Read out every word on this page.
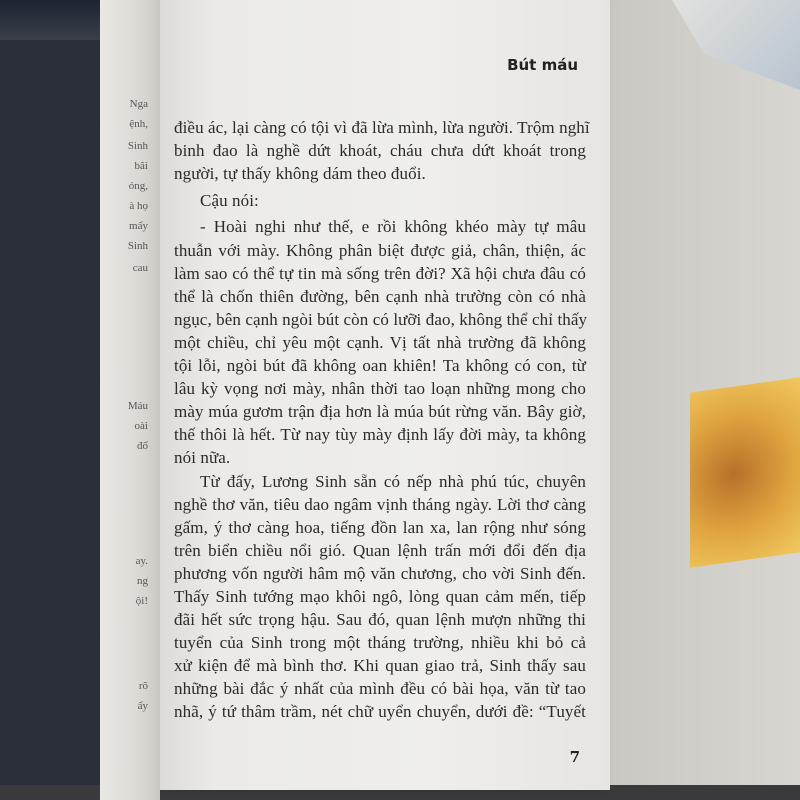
Bút máu
7
điều ác, lại càng có tội vì đã lừa mình, lừa người. Trộm nghĩ
binh đao là nghề dứt khoát, cháu chưa dứt khoát trong
người, tự thấy không dám theo đuổi.
Cậu nói:
- Hoài nghi như thế, e rồi không khéo mày tự mâu
thuẫn với mày. Không phân biệt được giả, chân, thiện, ác
làm sao có thể tự tin mà sống trên đời? Xã hội chưa đâu có
thể là chốn thiên đường, bên cạnh nhà trường còn có nhà
ngục, bên cạnh ngòi bút còn có lưỡi đao, không thể chỉ thấy
một chiều, chỉ yêu một cạnh. Vị tất nhà trường đã không
tội lỗi, ngòi bút đã không oan khiên! Ta không có con, từ
lâu kỳ vọng nơi mày, nhân thời tao loạn những mong cho
mày múa gươm trận địa hơn là múa bút rừng văn. Bây giờ,
thế thôi là hết. Từ nay tùy mày định lấy đời mày, ta không
nói nữa.
Từ đấy, Lương Sinh sẵn có nếp nhà phú túc, chuyên
nghề thơ văn, tiêu dao ngâm vịnh tháng ngày. Lời thơ càng
gấm, ý thơ càng hoa, tiếng đồn lan xa, lan rộng như sóng
trên biển chiều nổi gió. Quan lệnh trấn mới đổi đến địa
phương vốn người hâm mộ văn chương, cho vời Sinh đến.
Thấy Sinh tướng mạo khôi ngô, lòng quan cảm mến, tiếp
đãi hết sức trọng hậu. Sau đó, quan lệnh mượn những thi
tuyển của Sinh trong một tháng trường, nhiều khi bỏ cả
xử kiện để mà bình thơ. Khi quan giao trả, Sinh thấy sau
những bài đắc ý nhất của mình đều có bài họa, văn từ tao
nhã, ý tứ thâm trầm, nét chữ uyển chuyển, dưới đề: “Tuyết
Nga
ệnh,
Sinh
bãi
óng,
à họ
mấy
Sinh
cau
Máu
oài
đổ
ay.
ng
ội!
rõ
ấy
